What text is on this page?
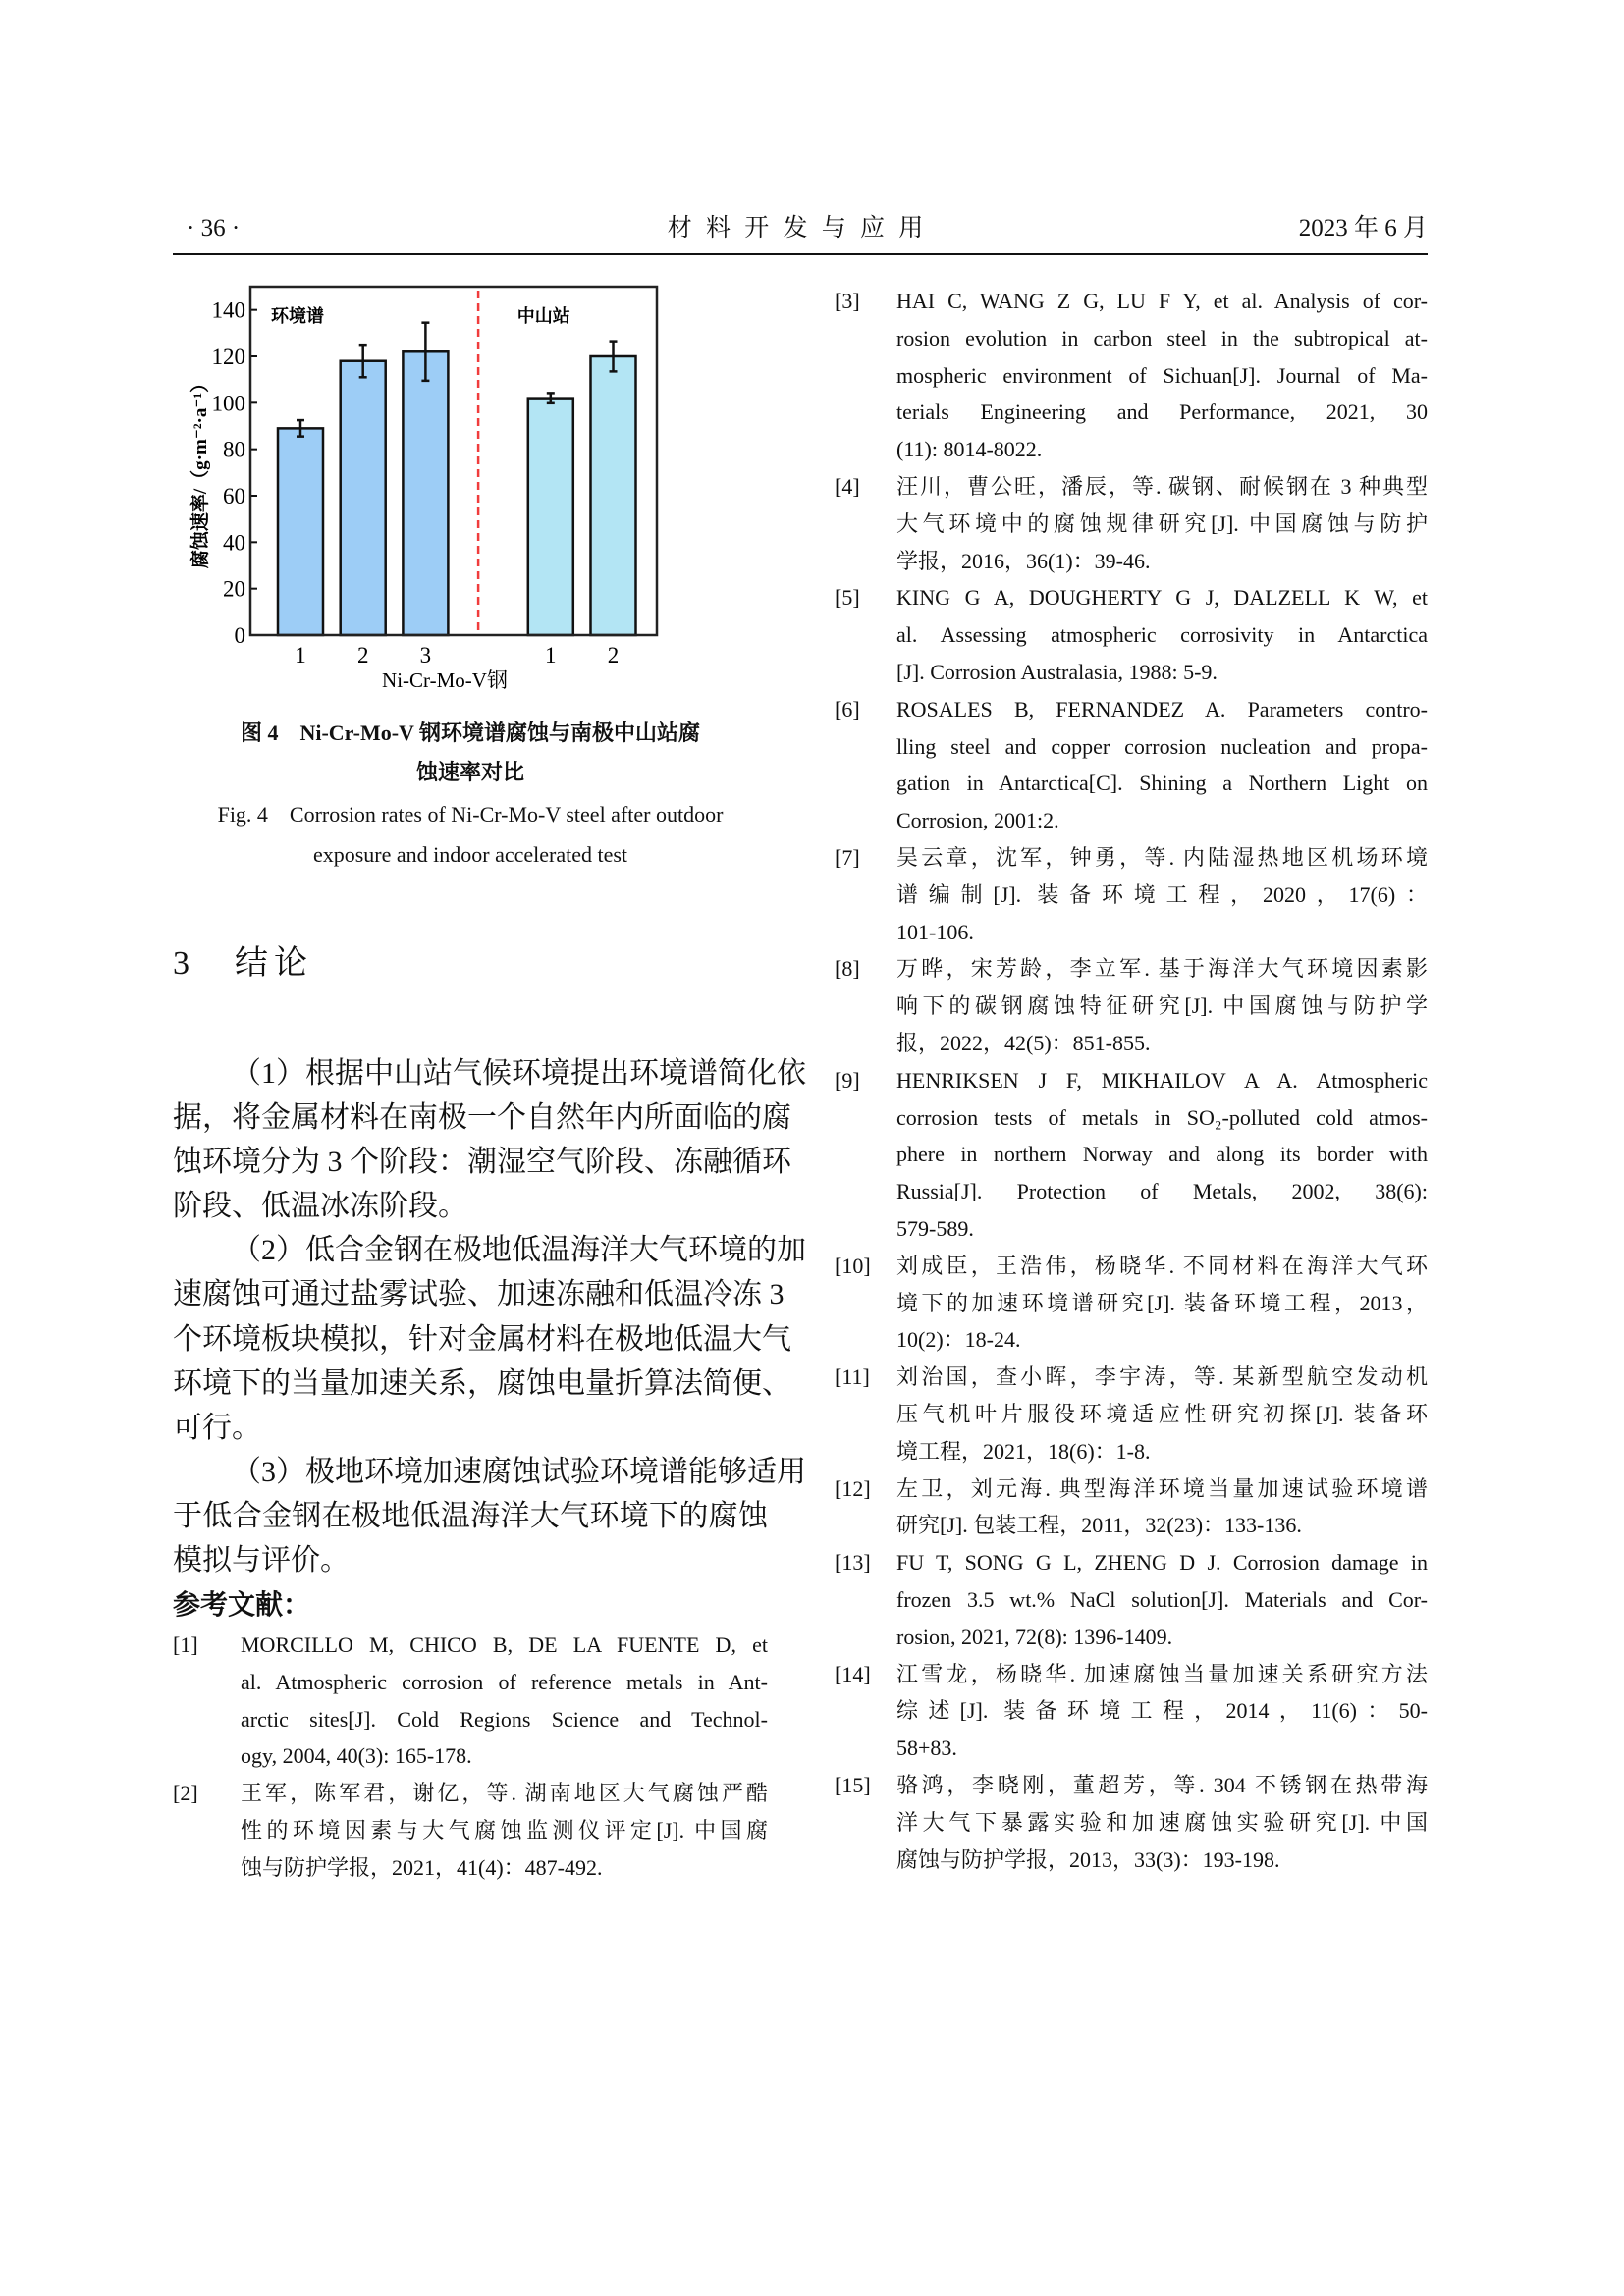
· 36 ·	材 料 开 发 与 应 用	2023 年 6 月
0
20
40
60
80
100
120
140 环境谱
1 2 3
中山站
1 2
Ni-Cr-Mo-V钢
腐蚀速率/（g·m⁻²·a⁻¹）
图 4　Ni-Cr-Mo-V 钢环境谱腐蚀与南极中山站腐
蚀速率对比
Fig. 4　Corrosion rates of Ni-Cr-Mo-V steel after outdoor
exposure and indoor accelerated test
3　结论
（1）根据中山站气候环境提出环境谱简化依
据，将金属材料在南极一个自然年内所面临的腐
蚀环境分为 3 个阶段：潮湿空气阶段、冻融循环
阶段、低温冰冻阶段。
（2）低合金钢在极地低温海洋大气环境的加
速腐蚀可通过盐雾试验、加速冻融和低温冷冻 3
个环境板块模拟，针对金属材料在极地低温大气
环境下的当量加速关系，腐蚀电量折算法简便、
可行。
（3）极地环境加速腐蚀试验环境谱能够适用
于低合金钢在极地低温海洋大气环境下的腐蚀
模拟与评价。
参考文献：
[1] MORCILLO M, CHICO B, DE LA FUENTE D, et
al. Atmospheric corrosion of reference metals in Ant-
arctic sites[J]. Cold Regions Science and Technol-
ogy, 2004, 40(3): 165-178.
[2] 王军，陈军君，谢亿，等. 湖南地区大气腐蚀严酷
性的环境因素与大气腐蚀监测仪评定[J]. 中国腐
蚀与防护学报，2021，41(4)：487-492.
[3] HAI C, WANG Z G, LU F Y, et al. Analysis of cor-
rosion evolution in carbon steel in the subtropical at-
mospheric environment of Sichuan[J]. Journal of Ma-
terials Engineering and Performance, 2021, 30
(11): 8014-8022.
[4] 汪川，曹公旺，潘辰，等. 碳钢、耐候钢在 3 种典型
大气环境中的腐蚀规律研究[J]. 中国腐蚀与防护
学报，2016，36(1)：39-46.
[5] KING G A, DOUGHERTY G J, DALZELL K W, et
al. Assessing atmospheric corrosivity in Antarctica
[J]. Corrosion Australasia, 1988: 5-9.
[6] ROSALES B, FERNANDEZ A. Parameters contro-
lling steel and copper corrosion nucleation and propa-
gation in Antarctica[C]. Shining a Northern Light on
Corrosion, 2001:2.
[7] 吴云章，沈军，钟勇，等. 内陆湿热地区机场环境
谱编制[J]. 装备环境工程，2020，17(6)：
101-106.
[8] 万晔，宋芳龄，李立军. 基于海洋大气环境因素影
响下的碳钢腐蚀特征研究[J]. 中国腐蚀与防护学
报，2022，42(5)：851-855.
[9] HENRIKSEN J F, MIKHAILOV A A. Atmospheric
corrosion tests of metals in SO₂-polluted cold atmos-
phere in northern Norway and along its border with
Russia[J]. Protection of Metals, 2002, 38(6):
579-589.
[10] 刘成臣，王浩伟，杨晓华. 不同材料在海洋大气环
境下的加速环境谱研究[J]. 装备环境工程，2013，
10(2)：18-24.
[11] 刘治国，查小晖，李宇涛，等. 某新型航空发动机
压气机叶片服役环境适应性研究初探[J]. 装备环
境工程，2021，18(6)：1-8.
[12] 左卫，刘元海. 典型海洋环境当量加速试验环境谱
研究[J]. 包装工程，2011，32(23)：133-136.
[13] FU T, SONG G L, ZHENG D J. Corrosion damage in
frozen 3.5 wt.% NaCl solution[J]. Materials and Cor-
rosion, 2021, 72(8): 1396-1409.
[14] 江雪龙，杨晓华. 加速腐蚀当量加速关系研究方法
综述[J]. 装备环境工程，2014，11(6)：50-
58+83.
[15] 骆鸿，李晓刚，董超芳，等. 304 不锈钢在热带海
洋大气下暴露实验和加速腐蚀实验研究[J]. 中国
腐蚀与防护学报，2013，33(3)：193-198.
